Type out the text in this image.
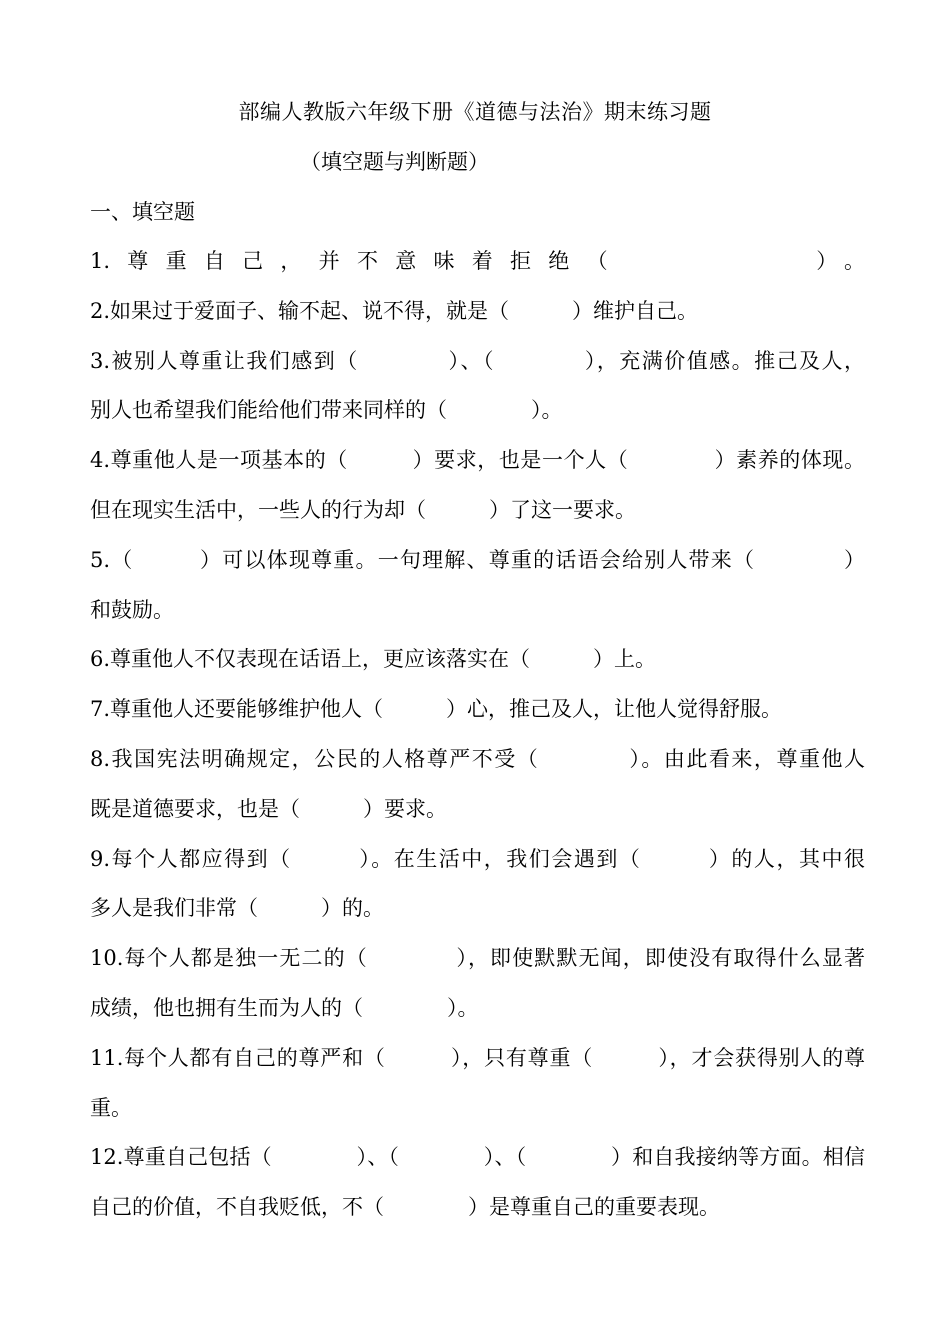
部编人教版六年级下册《道德与法治》期末练习题
（填空题与判断题）
一、填空题
1.尊重自己，并不意味着拒绝（　　　　　）。
2.如果过于爱面子、输不起、说不得，就是（　　　）维护自己。
3.被别人尊重让我们感到（　　　　）、（　　　　），充满价值感。推己及人，
别人也希望我们能给他们带来同样的（　　　　）。
4.尊重他人是一项基本的（　　　）要求，也是一个人（　　　　）素养的体现。
但在现实生活中，一些人的行为却（　　　）了这一要求。
5.（　　　）可以体现尊重。一句理解、尊重的话语会给别人带来（　　　　）
和鼓励。
6.尊重他人不仅表现在话语上，更应该落实在（　　　）上。
7.尊重他人还要能够维护他人（　　　）心，推己及人，让他人觉得舒服。
8.我国宪法明确规定，公民的人格尊严不受（　　　　）。由此看来，尊重他人
既是道德要求，也是（　　　）要求。
9.每个人都应得到（　　　）。在生活中，我们会遇到（　　　）的人，其中很
多人是我们非常（　　　）的。
10.每个人都是独一无二的（　　　　），即使默默无闻，即使没有取得什么显著
成绩，他也拥有生而为人的（　　　　）。
11.每个人都有自己的尊严和（　　　），只有尊重（　　　），才会获得别人的尊
重。
12.尊重自己包括（　　　　）、（　　　　）、（　　　　）和自我接纳等方面。相信
自己的价值，不自我贬低，不（　　　　）是尊重自己的重要表现。
